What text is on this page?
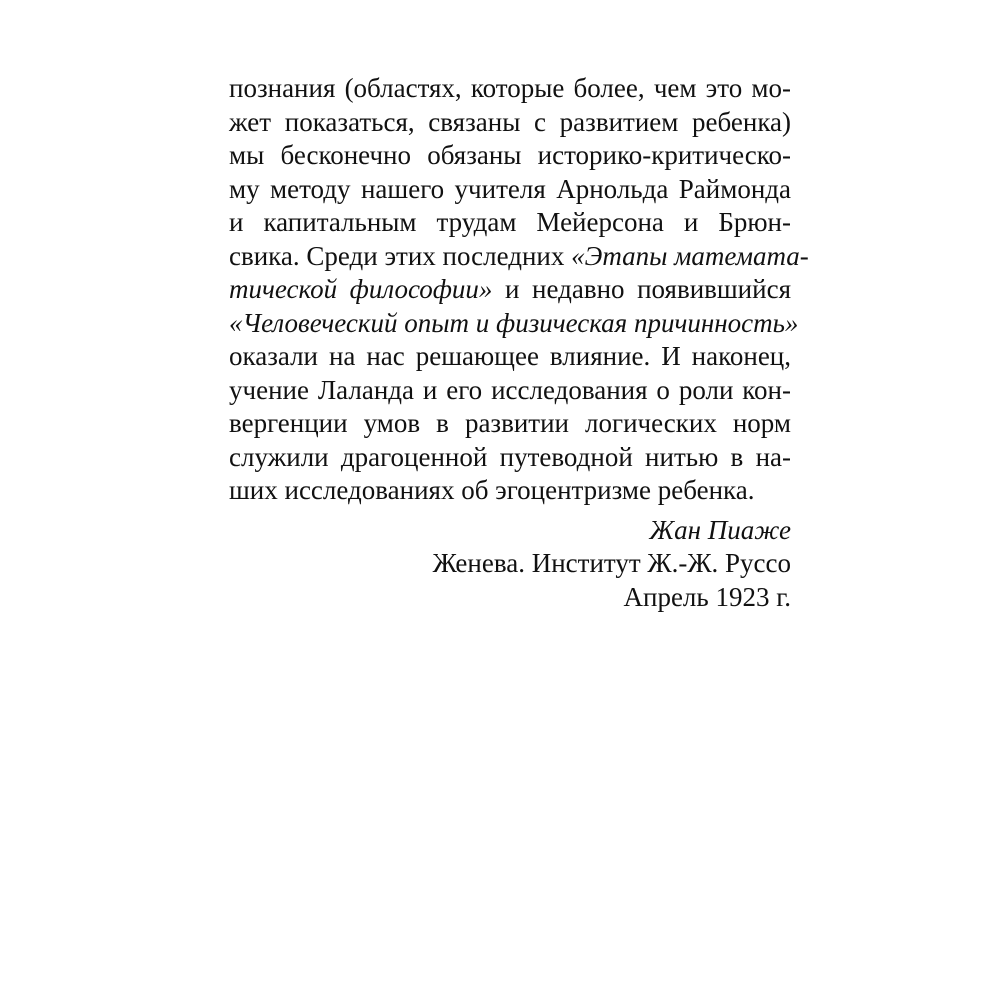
познания (областях, которые более, чем это мо-
жет показаться, связаны с развитием ребенка)
мы бесконечно обязаны историко-критическо-
му методу нашего учителя Арнольда Раймонда
и капитальным трудам Мейерсона и Брюн-
свика. Среди этих последних «Этапы математа-
тической философии» и недавно появившийся
«Человеческий опыт и физическая причинность»
оказали на нас решающее влияние. И наконец,
учение Лаланда и его исследования о роли кон-
вергенции умов в развитии логических норм
служили драгоценной путеводной нитью в на-
ших исследованиях об эгоцентризме ребенка.
Жан Пиаже
Женева. Институт Ж.-Ж. Руссо
Апрель 1923 г.
